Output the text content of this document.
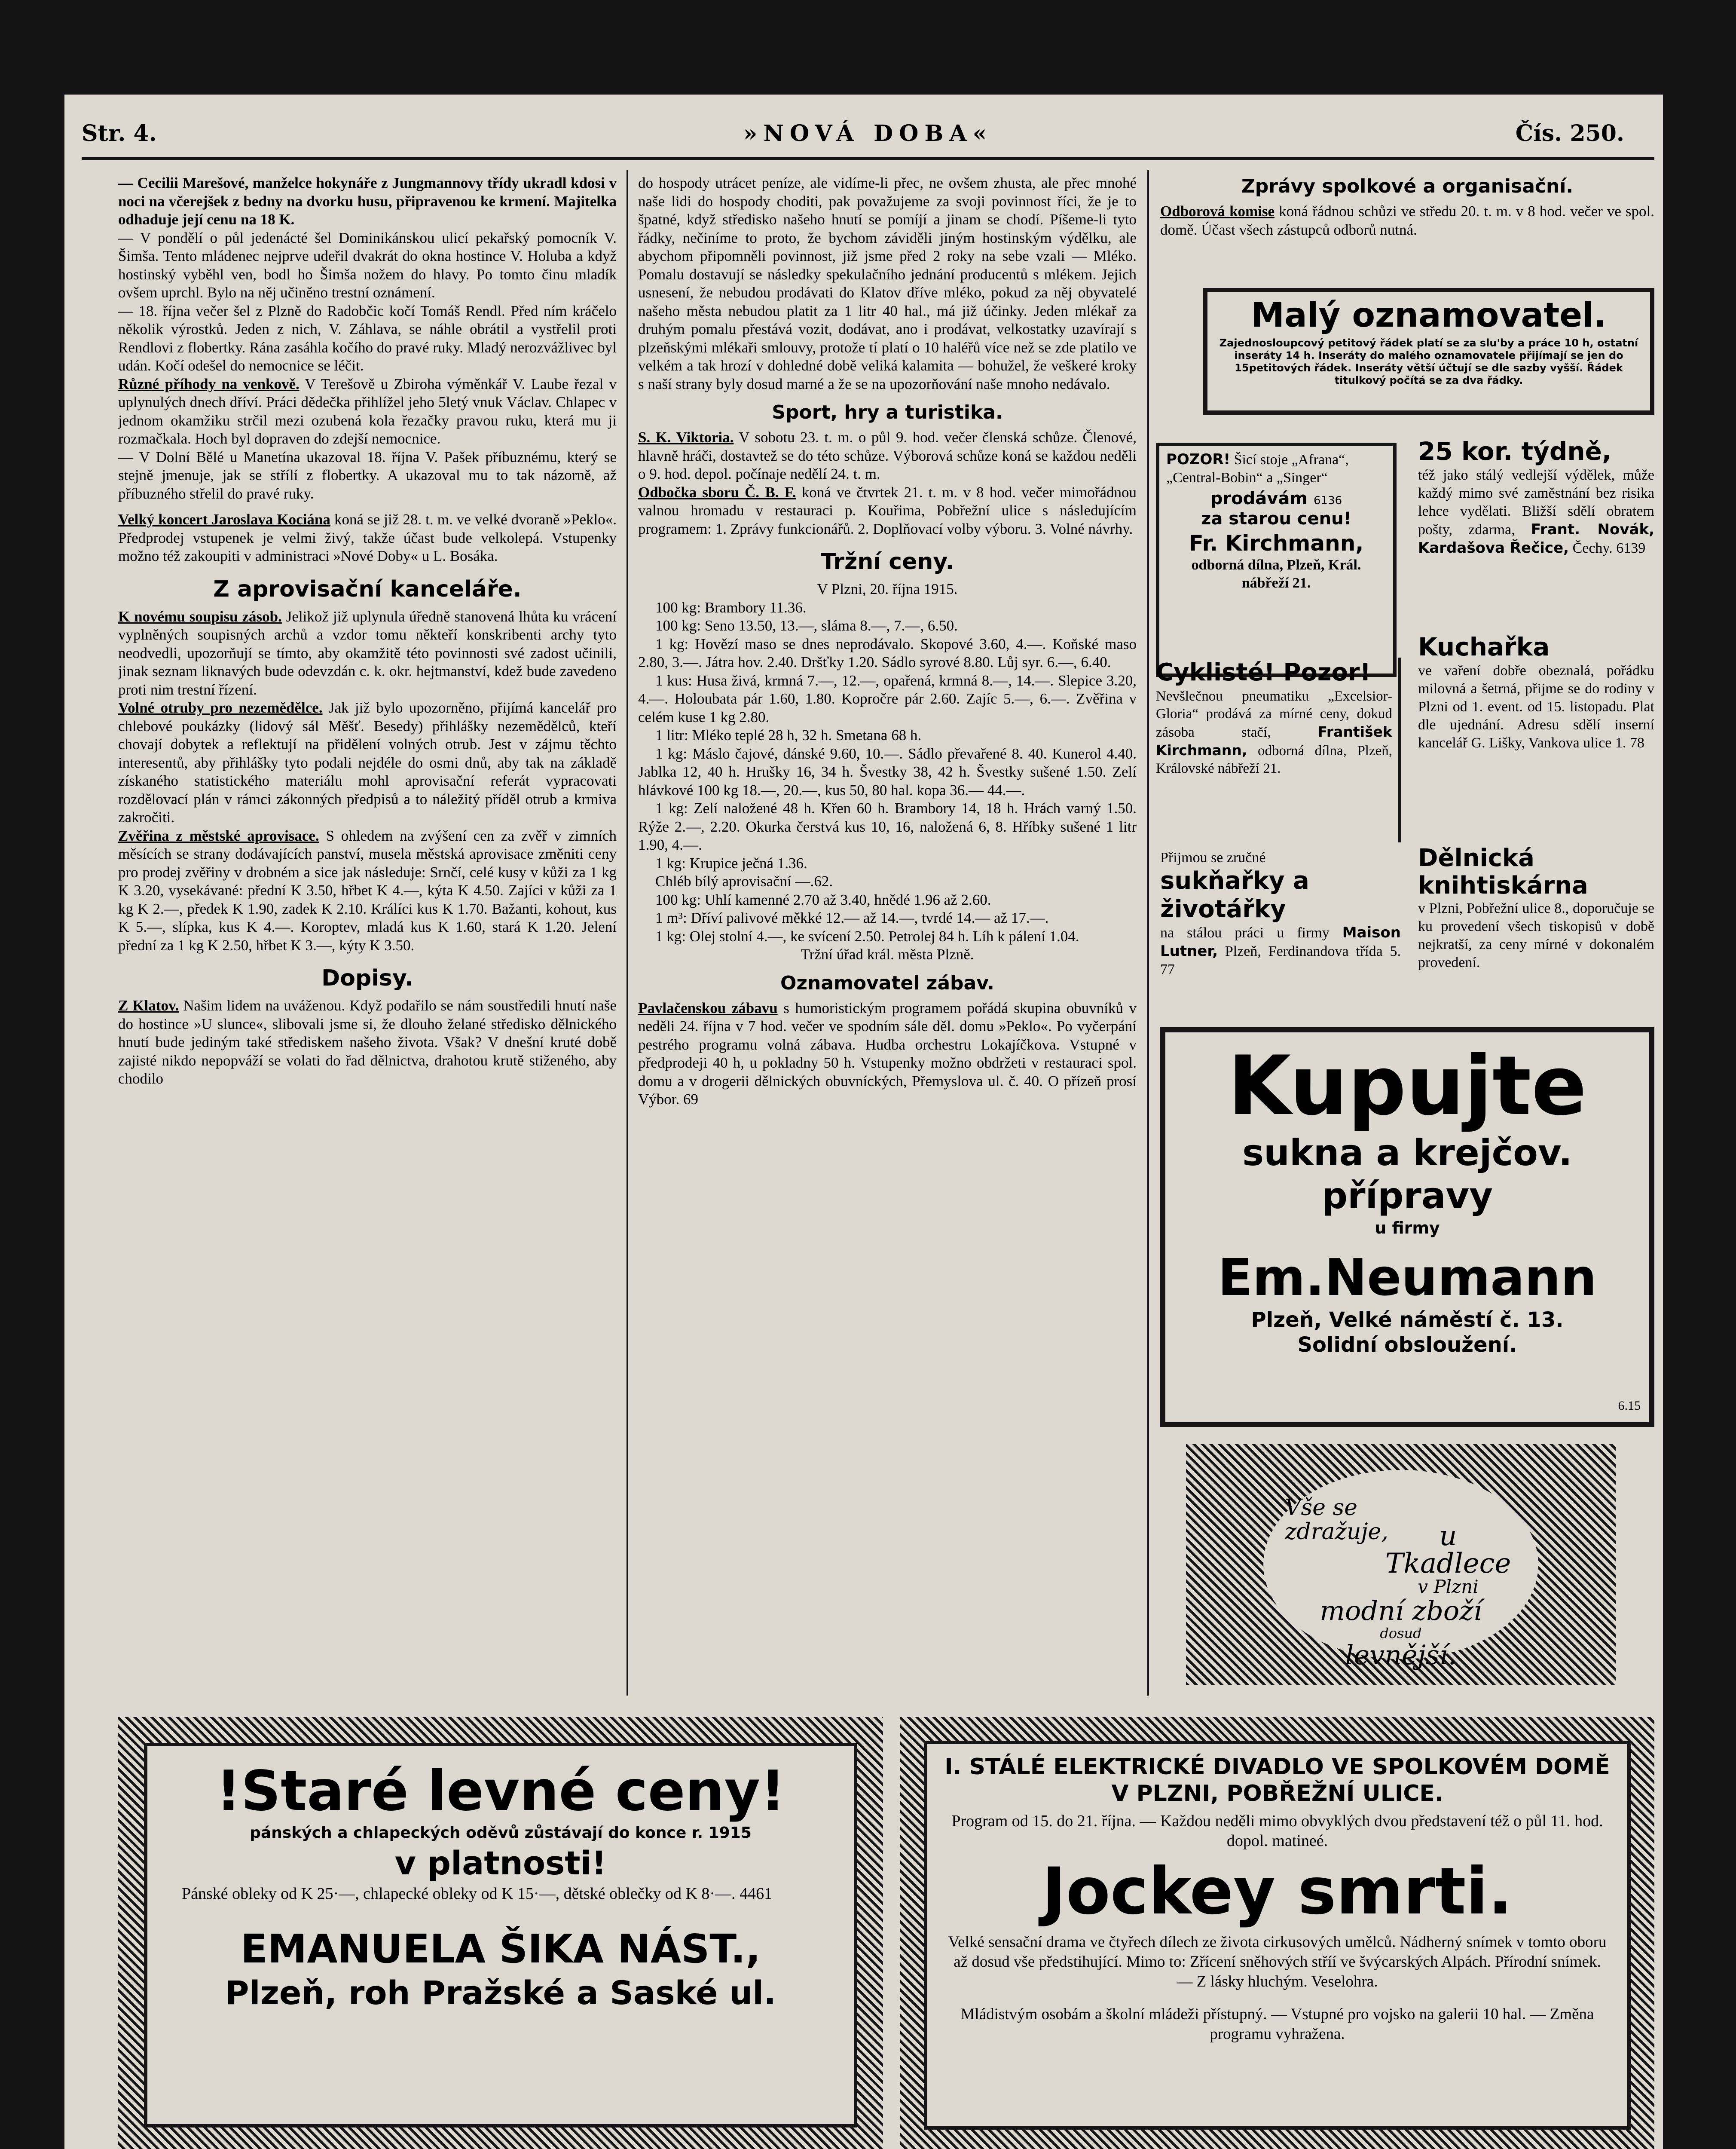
Str. 4.	»NOVÁ DOBA«	Čís. 250.

— Cecilii Marešové, manželce hokynáře z Jungmannovy třídy ukradl kdosi v noci na včerejšek z bedny na dvorku husu, připravenou ke krmení. Majitelka odhaduje její cenu na 18 K.

— V pondělí o půl jedenácté šel Dominikánskou ulicí pekařský pomocník V. Šimša. Tento mládenec nejprve udeřil dvakrát do okna hostince V. Holuba a když hostinský vyběhl ven, bodl ho Šimša nožem do hlavy. Po tomto činu mladík ovšem uprchl. Bylo na něj učiněno trestní oznámení.

— 18. října večer šel z Plzně do Radobčic kočí Tomáš Rendl. Před ním kráčelo několik výrostků. Jeden z nich, V. Záhlava, se náhle obrátil a vystřelil proti Rendlovi z flobertky. Rána zasáhla kočího do pravé ruky. Mladý nerozvážlivec byl udán. Kočí odešel do nemocnice se léčit.

Různé příhody na venkově. V Terešově u Zbiroha výměnkář V. Laube řezal v uplynulých dnech dříví. Práci dědečka přihlížel jeho 5letý vnuk Václav. Chlapec v jednom okamžiku strčil mezi ozubená kola řezačky pravou ruku, která mu ji rozmačkala. Hoch byl dopraven do zdejší nemocnice.

— V Dolní Bělé u Manetína ukazoval 18. října V. Pašek příbuznému, který se stejně jmenuje, jak se střílí z flobertky. A ukazoval mu to tak názorně, až příbuzného střelil do pravé ruky.

Velký koncert Jaroslava Kociána koná se již 28. t. m. ve velké dvoraně »Peklo«. Předprodej vstupenek je velmi živý, takže účast bude velkolepá. Vstupenky možno též zakoupiti v administraci »Nové Doby« u L. Bosáka.

Z aprovisační kanceláře.

K novému soupisu zásob. Jelikož již uplynula úředně stanovená lhůta ku vrácení vyplněných soupisných archů a vzdor tomu někteří konskribenti archy tyto neodvedli, upozorňují se tímto, aby okamžitě této povinnosti své zadost učinili, jinak seznam liknavých bude odevzdán c. k. okr. hejtmanství, kdež bude zavedeno proti nim trestní řízení.

Volné otruby pro nezemědělce. Jak již bylo upozorněno, přijímá kancelář pro chlebové poukázky (lidový sál Měšť. Besedy) přihlášky nezemědělců, kteří chovají dobytek a reflektují na přidělení volných otrub. Jest v zájmu těchto interesentů, aby přihlášky tyto podali nejdéle do osmi dnů, aby tak na základě získaného statistického materiálu mohl aprovisační referát vypracovati rozdělovací plán v rámci zákonných předpisů a to náležitý příděl otrub a krmiva zakročiti.

Zvěřina z městské aprovisace. S ohledem na zvýšení cen za zvěř v zimních měsících se strany dodávajících panství, musela městská aprovisace změniti ceny pro prodej zvěřiny v drobném a sice jak následuje: Srnčí, celé kusy v kůži za 1 kg K 3.20, vysekávané: přední K 3.50, hřbet K 4.—, kýta K 4.50. Zajíci v kůži za 1 kg K 2.—, předek K 1.90, zadek K 2.10. Králíci kus K 1.70. Bažanti, kohout, kus K 5.—, slípka, kus K 4.—. Koroptev, mladá kus K 1.60, stará K 1.20. Jelení přední za 1 kg K 2.50, hřbet K 3.—, kýty K 3.50.

Dopisy.

Z Klatov. Našim lidem na uváženou. Když podařilo se nám soustředili hnutí naše do hostince »U slunce«, slibovali jsme si, že dlouho želané středisko dělnického hnutí bude jediným také střediskem našeho života. Však? V dnešní kruté době zajisté nikdo nepopváží se volati do řad dělnictva, drahotou krutě stiženého, aby chodilo

do hospody utrácet peníze, ale vidíme-li přec, ne ovšem zhusta, ale přec mnohé naše lidi do hospody choditi, pak považujeme za svoji povinnost říci, že je to špatné, když středisko našeho hnutí se pomíjí a jinam se chodí. Píšeme-li tyto řádky, nečiníme to proto, že bychom záviděli jiným hostinským výdělku, ale abychom připomněli povinnost, již jsme před 2 roky na sebe vzali — Mléko. Pomalu dostavují se následky spekulačního jednání producentů s mlékem. Jejich usnesení, že nebudou prodávati do Klatov dříve mléko, pokud za něj obyvatelé našeho města nebudou platit za 1 litr 40 hal., má již účinky. Jeden mlékař za druhým pomalu přestává vozit, dodávat, ano i prodávat, velkostatky uzavírají s plzeňskými mlékaři smlouvy, protože tí platí o 10 haléřů více než se zde platilo ve velkém a tak hrozí v dohledné době veliká kalamita — bohužel, že veškeré kroky s naší strany byly dosud marné a že se na upozorňování naše mnoho nedávalo.

Sport, hry a turistika.

S. K. Viktoria. V sobotu 23. t. m. o půl 9. hod. večer členská schůze. Členové, hlavně hráči, dostavtež se do této schůze. Výborová schůze koná se každou neděli o 9. hod. depol. počínaje nedělí 24. t. m.

Odbočka sboru Č. B. F. koná ve čtvrtek 21. t. m. v 8 hod. večer mimořádnou valnou hromadu v restauraci p. Kouřima, Pobřežní ulice s následujícím programem: 1. Zprávy funkcionářů. 2. Doplňovací volby výboru. 3. Volné návrhy.

Tržní ceny.

V Plzni, 20. října 1915.

100 kg: Brambory 11.36.

100 kg: Seno 13.50, 13.—, sláma 8.—, 7.—, 6.50.

1 kg: Hovězí maso se dnes neprodávalo. Skopové 3.60, 4.—. Koňské maso 2.80, 3.—. Játra hov. 2.40. Dršťky 1.20. Sádlo syrové 8.80. Lůj syr. 6.—, 6.40.

1 kus: Husa živá, krmná 7.—, 12.—, opařená, krmná 8.—, 14.—. Slepice 3.20, 4.—. Holoubata pár 1.60, 1.80. Kopročre pár 2.60. Zajíc 5.—, 6.—. Zvěřina v celém kuse 1 kg 2.80.

1 litr: Mléko teplé 28 h, 32 h. Smetana 68 h.

1 kg: Máslo čajové, dánské 9.60, 10.—. Sádlo převařené 8. 40. Kunerol 4.40. Jablka 12, 40 h. Hrušky 16, 34 h. Švestky 38, 42 h. Švestky sušené 1.50. Zelí hlávkové 100 kg 18.—, 20.—, kus 50, 80 hal. kopa 36.— 44.—.

1 kg: Zelí naložené 48 h. Křen 60 h. Brambory 14, 18 h. Hrách varný 1.50. Rýže 2.—, 2.20. Okurka čerstvá kus 10, 16, naložená 6, 8. Hříbky sušené 1 litr 1.90, 4.—.

1 kg: Krupice ječná 1.36.

Chléb bílý aprovisační —.62.

100 kg: Uhlí kamenné 2.70 až 3.40, hnědé 1.96 až 2.60.

1 m³: Dříví palivové měkké 12.— až 14.—, tvrdé 14.— až 17.—.

1 kg: Olej stolní 4.—, ke svícení 2.50. Petrolej 84 h. Líh k pálení 1.04.

Tržní úřad král. města Plzně.

Oznamovatel zábav.

Pavlačenskou zábavu s humoristickým programem pořádá skupina obuvníků v neděli 24. října v 7 hod. večer ve spodním sále děl. domu »Peklo«. Po vyčerpání pestrého programu volná zábava. Hudba orchestru Lokajíčkova. Vstupné v předprodeji 40 h, u pokladny 50 h. Vstupenky možno obdržeti v restauraci spol. domu a v drogerii dělnických obuvníckých, Přemyslova ul. č. 40. O přízeň prosí Výbor. 69

Zprávy spolkové a organisační.

Odborová komise koná řádnou schůzi ve středu 20. t. m. v 8 hod. večer ve spol. domě. Účast všech zástupců odborů nutná.

Malý oznamovatel.
Zajednosloupcový petitový řádek platí se za slu'by a práce 10 h, ostatní inseráty 14 h. Inseráty do malého oznamovatele přijímají se jen do 15petitových řádek. Inseráty větší účtují se dle sazby vyšší. Řádek titulkový počítá se za dva řádky.
POZOR! Šicí stoje „Afrana“, „Central-Bobin“ a „Singer“
prodávám 6136
za starou cenu!
Fr. Kirchmann,
odborná dílna, Plzeň, Král. nábřeží 21.
25 kor. týdně,
též jako stálý vedlejší výdělek, může každý mimo své zaměstnání bez risika lehce vydělati. Bližší sdělí obratem pošty, zdarma, Frant. Novák, Kardašova Řečice, Čechy. 6139
Cyklisté! Pozor!
Nevšlečnou pneumatiku „Excelsior-Gloria“ prodává za mírné ceny, dokud zásoba stačí,	František Kirchmann, odborná dílna, Plzeň, Královské nábřeží 21.
Kuchařka
ve vaření dobře obeznalá, pořádku milovná a šetrná, přijme se do rodiny v Plzni od 1. event. od 15. listopadu. Plat dle ujednání. Adresu sdělí inserní kancelář G. Lišky, Vankova ulice 1. 78
Přijmou se zručné
sukňařky a životářky
na stálou práci u firmy Maison Lutner, Plzeň, Ferdinandova třída 5. 77
Dělnická knihtiskárna
v Plzni, Pobřežní ulice 8., doporučuje se ku provedení všech tiskopisů v době nejkratší, za ceny mírné v dokonalém provedení.
Kupujte
sukna a krejčov.
přípravy
u firmy
Em.Neumann
Plzeň, Velké náměstí č. 13.
Solidní obsloužení.
6.15
Vše se
zdražuje,	u Tkadlece
v Plzni
modní zboží
dosud
levnější.
!Staré levné ceny!
pánských a chlapeckých oděvů zůstávají do konce r. 1915
v platnosti!
Pánské obleky od K 25·—, chlapecké obleky od K 15·—, dětské oblečky od K 8·—. 4461
EMANUELA ŠIKA NÁST.,
Plzeň, roh Pražské a Saské ul.
I. STÁLÉ ELEKTRICKÉ DIVADLO VE SPOLKOVÉM DOMĚ V PLZNI, POBŘEŽNÍ ULICE.
Program od 15. do 21. října. — Každou neděli mimo obvyklých dvou představení též o půl 11. hod. dopol. matineé.
Jockey smrti.
Velké sensační drama ve čtyřech dílech ze života cirkusových umělců. Nádherný snímek v tomto oboru až dosud vše předstihující. Mimo to: Zřícení sněhových stříí ve švýcarských Alpách. Přírodní snímek. — Z lásky hluchým. Veselohra.
Mládistvým osobám a školní mládeži přístupný. — Vstupné pro vojsko na galerii 10 hal. — Změna programu vyhražena.
